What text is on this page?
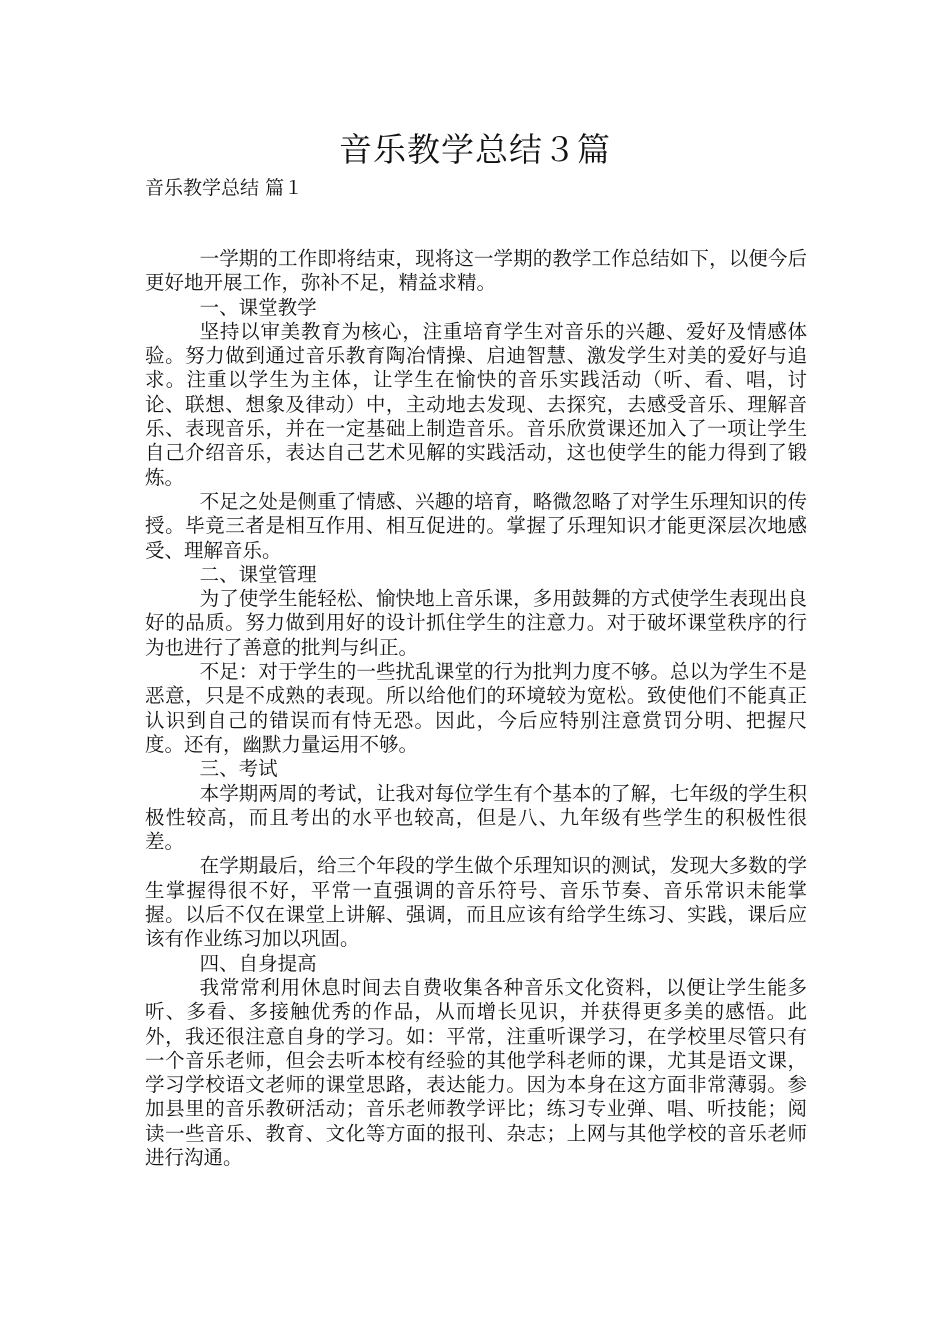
音乐教学总结３篇
音乐教学总结 篇１

一学期的工作即将结束，现将这一学期的教学工作总结如下，以便今后更好地开展工作，弥补不足，精益求精。

一、课堂教学

坚持以审美教育为核心，注重培育学生对音乐的兴趣、爱好及情感体验。努力做到通过音乐教育陶冶情操、启迪智慧、激发学生对美的爱好与追求。注重以学生为主体，让学生在愉快的音乐实践活动（听、看、唱，讨论、联想、想象及律动）中，主动地去发现、去探究，去感受音乐、理解音乐、表现音乐，并在一定基础上制造音乐。音乐欣赏课还加入了一项让学生自己介绍音乐，表达自己艺术见解的实践活动，这也使学生的能力得到了锻炼。

不足之处是侧重了情感、兴趣的培育，略微忽略了对学生乐理知识的传授。毕竟三者是相互作用、相互促进的。掌握了乐理知识才能更深层次地感受、理解音乐。

二、课堂管理

为了使学生能轻松、愉快地上音乐课，多用鼓舞的方式使学生表现出良好的品质。努力做到用好的设计抓住学生的注意力。对于破坏课堂秩序的行为也进行了善意的批判与纠正。

不足：对于学生的一些扰乱课堂的行为批判力度不够。总以为学生不是恶意，只是不成熟的表现。所以给他们的环境较为宽松。致使他们不能真正认识到自己的错误而有恃无恐。因此，今后应特别注意赏罚分明、把握尺度。还有，幽默力量运用不够。

三、考试

本学期两周的考试，让我对每位学生有个基本的了解，七年级的学生积极性较高，而且考出的水平也较高，但是八、九年级有些学生的积极性很差。

在学期最后，给三个年段的学生做个乐理知识的测试，发现大多数的学生掌握得很不好，平常一直强调的音乐符号、音乐节奏、音乐常识未能掌握。以后不仅在课堂上讲解、强调，而且应该有给学生练习、实践，课后应该有作业练习加以巩固。

四、自身提高

我常常利用休息时间去自费收集各种音乐文化资料，以便让学生能多听、多看、多接触优秀的作品，从而增长见识，并获得更多美的感悟。此外，我还很注意自身的学习。如：平常，注重听课学习，在学校里尽管只有一个音乐老师，但会去听本校有经验的其他学科老师的课，尤其是语文课，学习学校语文老师的课堂思路，表达能力。因为本身在这方面非常薄弱。参加县里的音乐教研活动；音乐老师教学评比；练习专业弹、唱、听技能；阅读一些音乐、教育、文化等方面的报刊、杂志；上网与其他学校的音乐老师进行沟通。
